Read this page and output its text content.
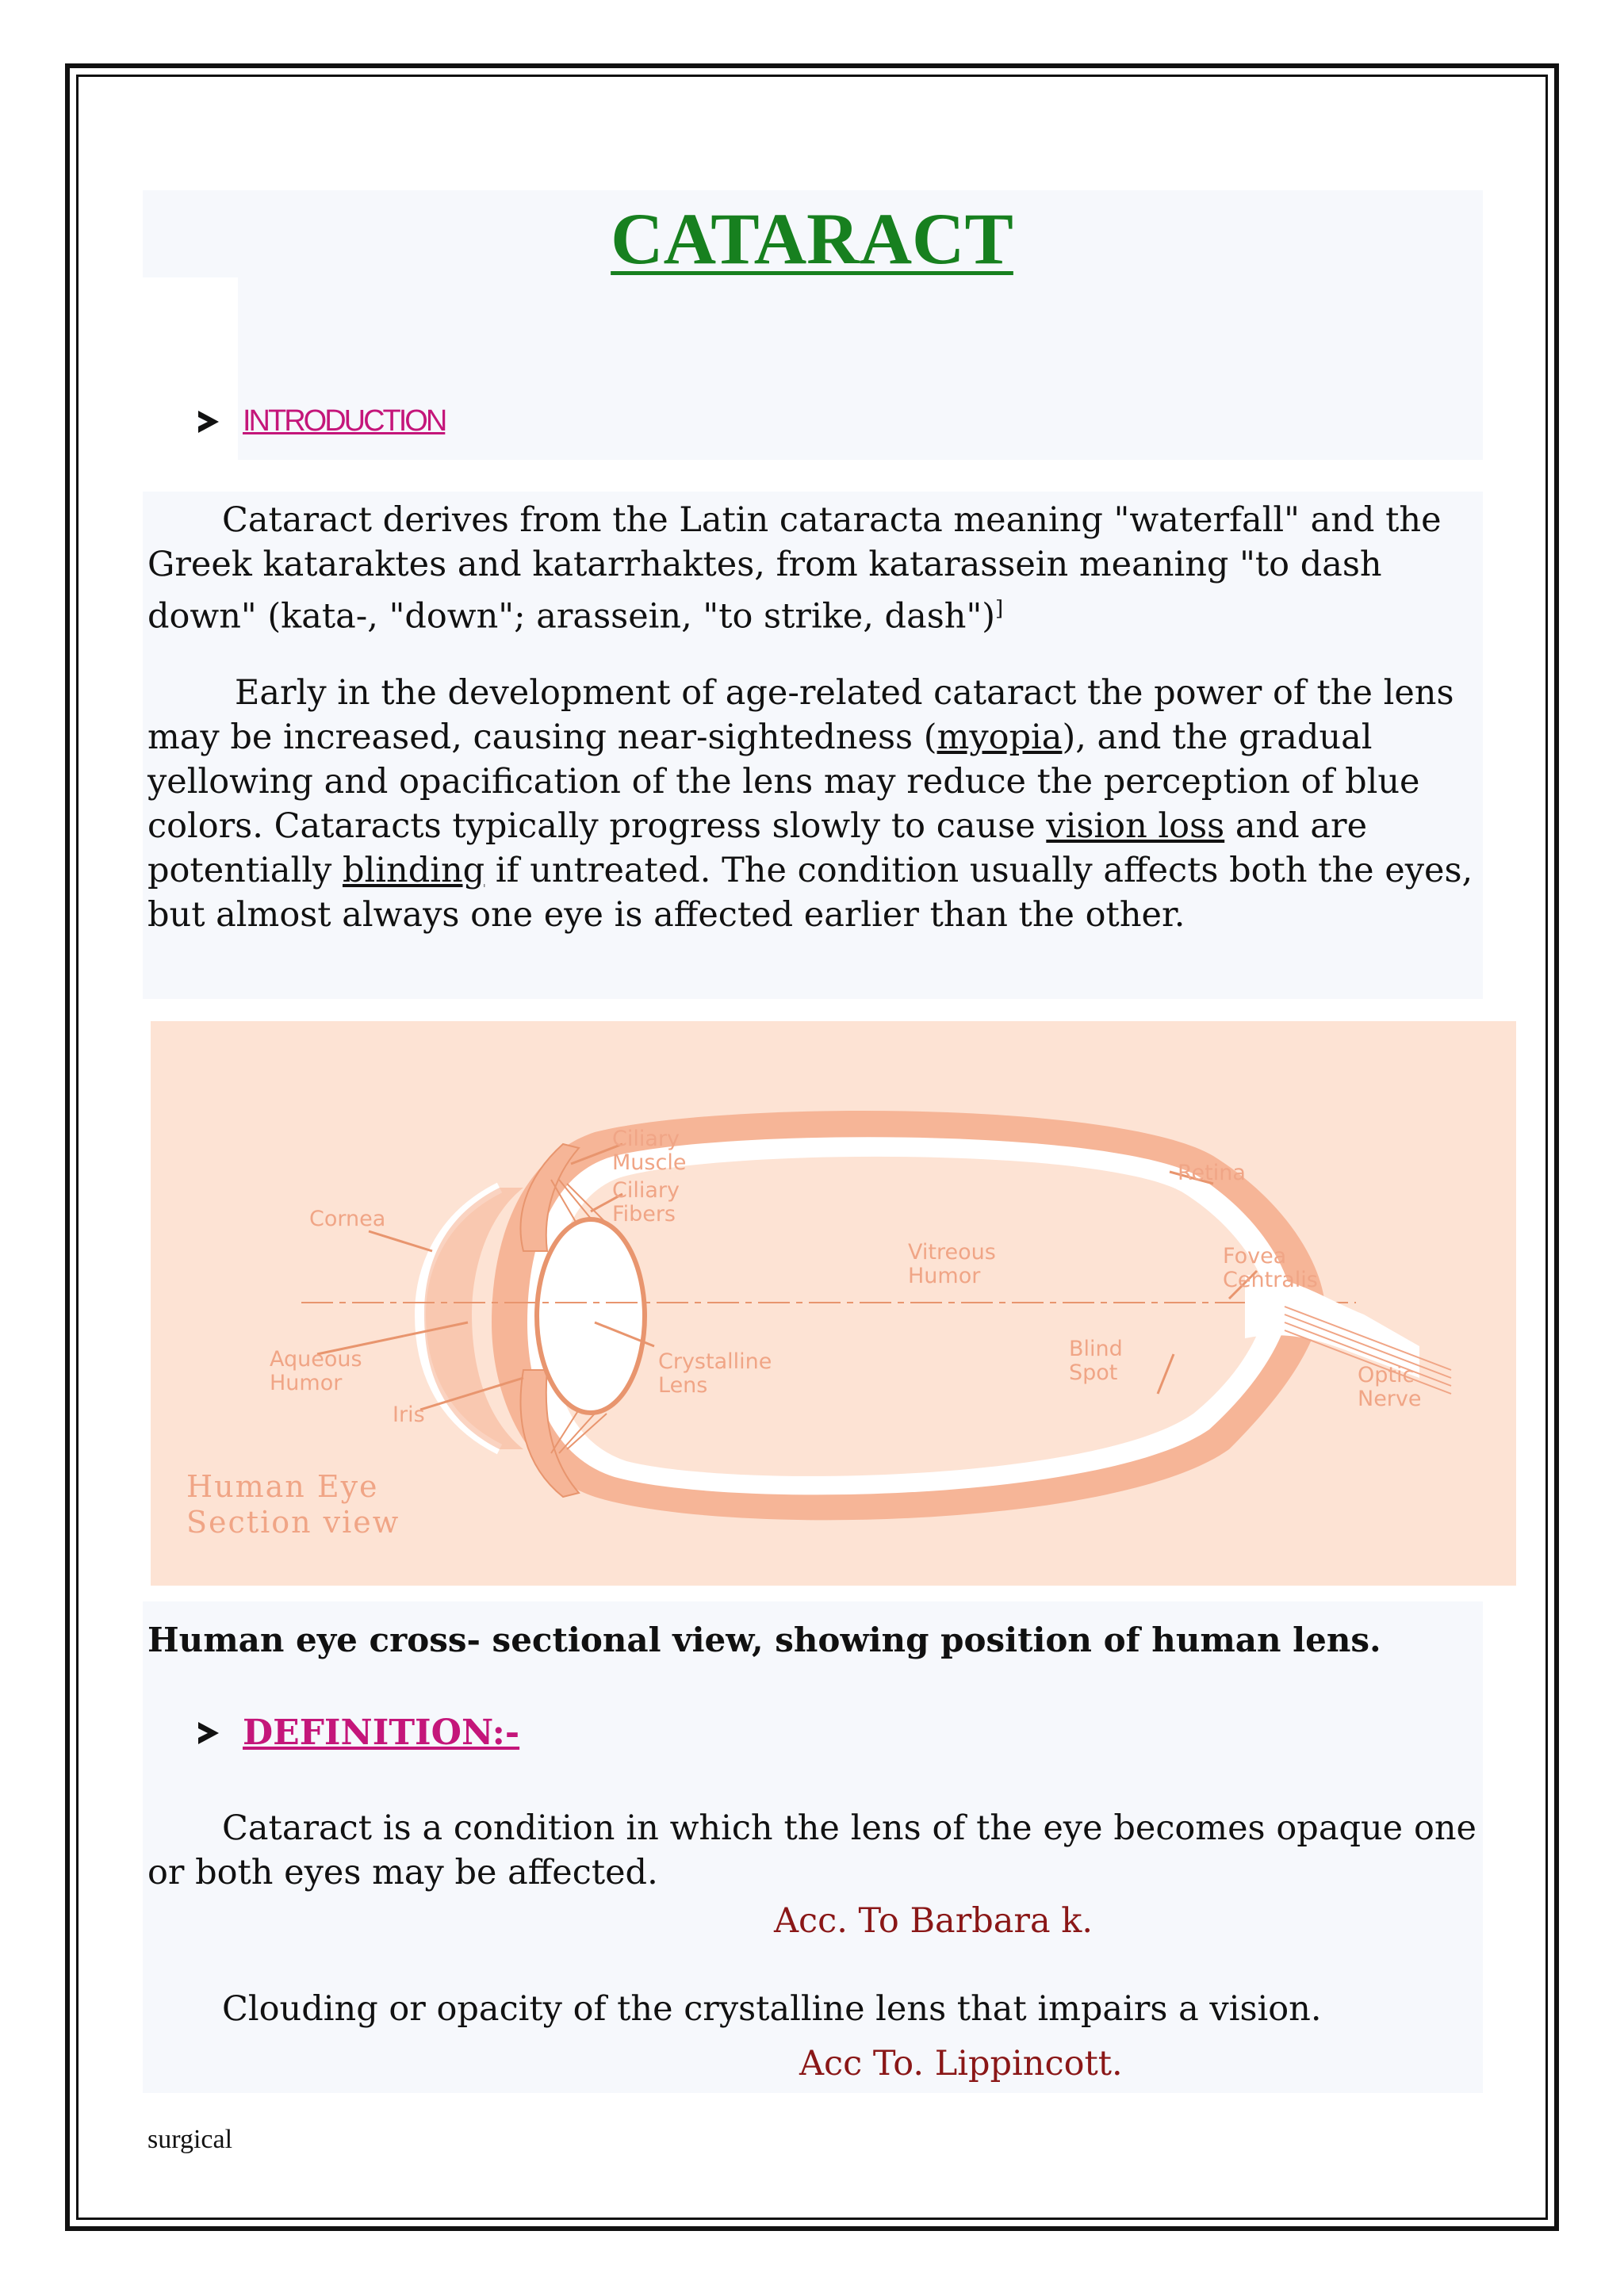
CATARACT
INTRODUCTION

Cataract derives from the Latin cataracta meaning "waterfall" and the Greek kataraktes and katarrhaktes, from katarassein meaning "to dash down" (kata-, "down"; arassein, "to strike, dash")]

Early in the development of age-related cataract the power of the lens may be increased, causing near-sightedness (myopia), and the gradual yellowing and opacification of the lens may reduce the perception of blue colors. Cataracts typically progress slowly to cause vision loss and are potentially blinding if untreated. The condition usually affects both the eyes, but almost always one eye is affected earlier than the other.

Ciliary
Muscle
Ciliary
Fibers
Retina
Cornea
Vitreous
Humor
Fovea
Centralis
Aqueous
Humor
Crystalline
Lens
Blind
Spot	Optic
Nerve
Iris
Human Eye
Section view
Human eye cross- sectional view, showing position of human lens.
DEFINITION:-

Cataract is a condition in which the lens of the eye becomes opaque one or both eyes may be affected.

Acc. To Barbara k.

Clouding or opacity of the crystalline lens that impairs a vision.

Acc To. Lippincott.
surgical
